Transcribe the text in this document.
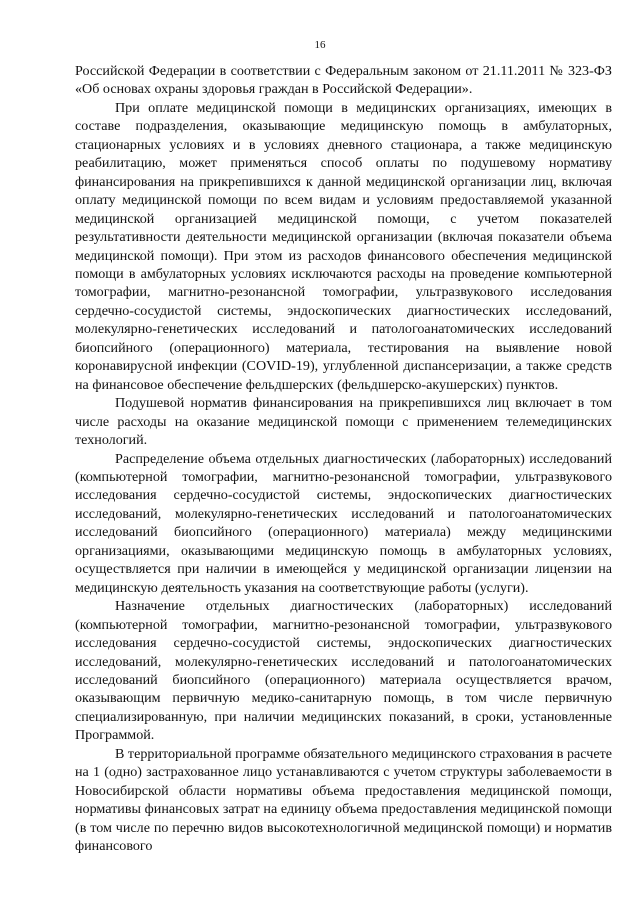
16

Российской Федерации в соответствии с Федеральным законом от 21.11.2011 № 323-ФЗ «Об основах охраны здоровья граждан в Российской Федерации».

При оплате медицинской помощи в медицинских организациях, имеющих в составе подразделения, оказывающие медицинскую помощь в амбулаторных, стационарных условиях и в условиях дневного стационара, а также медицинскую реабилитацию, может применяться способ оплаты по подушевому нормативу финансирования на прикрепившихся к данной медицинской организации лиц, включая оплату медицинской помощи по всем видам и условиям предоставляемой указанной медицинской организацией медицинской помощи, с учетом показателей результативности деятельности медицинской организации (включая показатели объема медицинской помощи). При этом из расходов финансового обеспечения медицинской помощи в амбулаторных условиях исключаются расходы на проведение компьютерной томографии, магнитно-резонансной томографии, ультразвукового исследования сердечно-сосудистой системы, эндоскопических диагностических исследований, молекулярно-генетических исследований и патологоанатомических исследований биопсийного (операционного) материала, тестирования на выявление новой коронавирусной инфекции (COVID-19), углубленной диспансеризации, а также средств на финансовое обеспечение фельдшерских (фельдшерско-акушерских) пунктов.

Подушевой норматив финансирования на прикрепившихся лиц включает в том числе расходы на оказание медицинской помощи с применением телемедицинских технологий.

Распределение объема отдельных диагностических (лабораторных) исследований (компьютерной томографии, магнитно-резонансной томографии, ультразвукового исследования сердечно-сосудистой системы, эндоскопических диагностических исследований, молекулярно-генетических исследований и патологоанатомических исследований биопсийного (операционного) материала) между медицинскими организациями, оказывающими медицинскую помощь в амбулаторных условиях, осуществляется при наличии в имеющейся у медицинской организации лицензии на медицинскую деятельность указания на соответствующие работы (услуги).

Назначение отдельных диагностических (лабораторных) исследований (компьютерной томографии, магнитно-резонансной томографии, ультразвукового исследования сердечно-сосудистой системы, эндоскопических диагностических исследований, молекулярно-генетических исследований и патологоанатомических исследований биопсийного (операционного) материала осуществляется врачом, оказывающим первичную медико-санитарную помощь, в том числе первичную специализированную, при наличии медицинских показаний, в сроки, установленные Программой.

В территориальной программе обязательного медицинского страхования в расчете на 1 (одно) застрахованное лицо устанавливаются с учетом структуры заболеваемости в Новосибирской области нормативы объема предоставления медицинской помощи, нормативы финансовых затрат на единицу объема предоставления медицинской помощи (в том числе по перечню видов высокотехнологичной медицинской помощи) и норматив финансового
